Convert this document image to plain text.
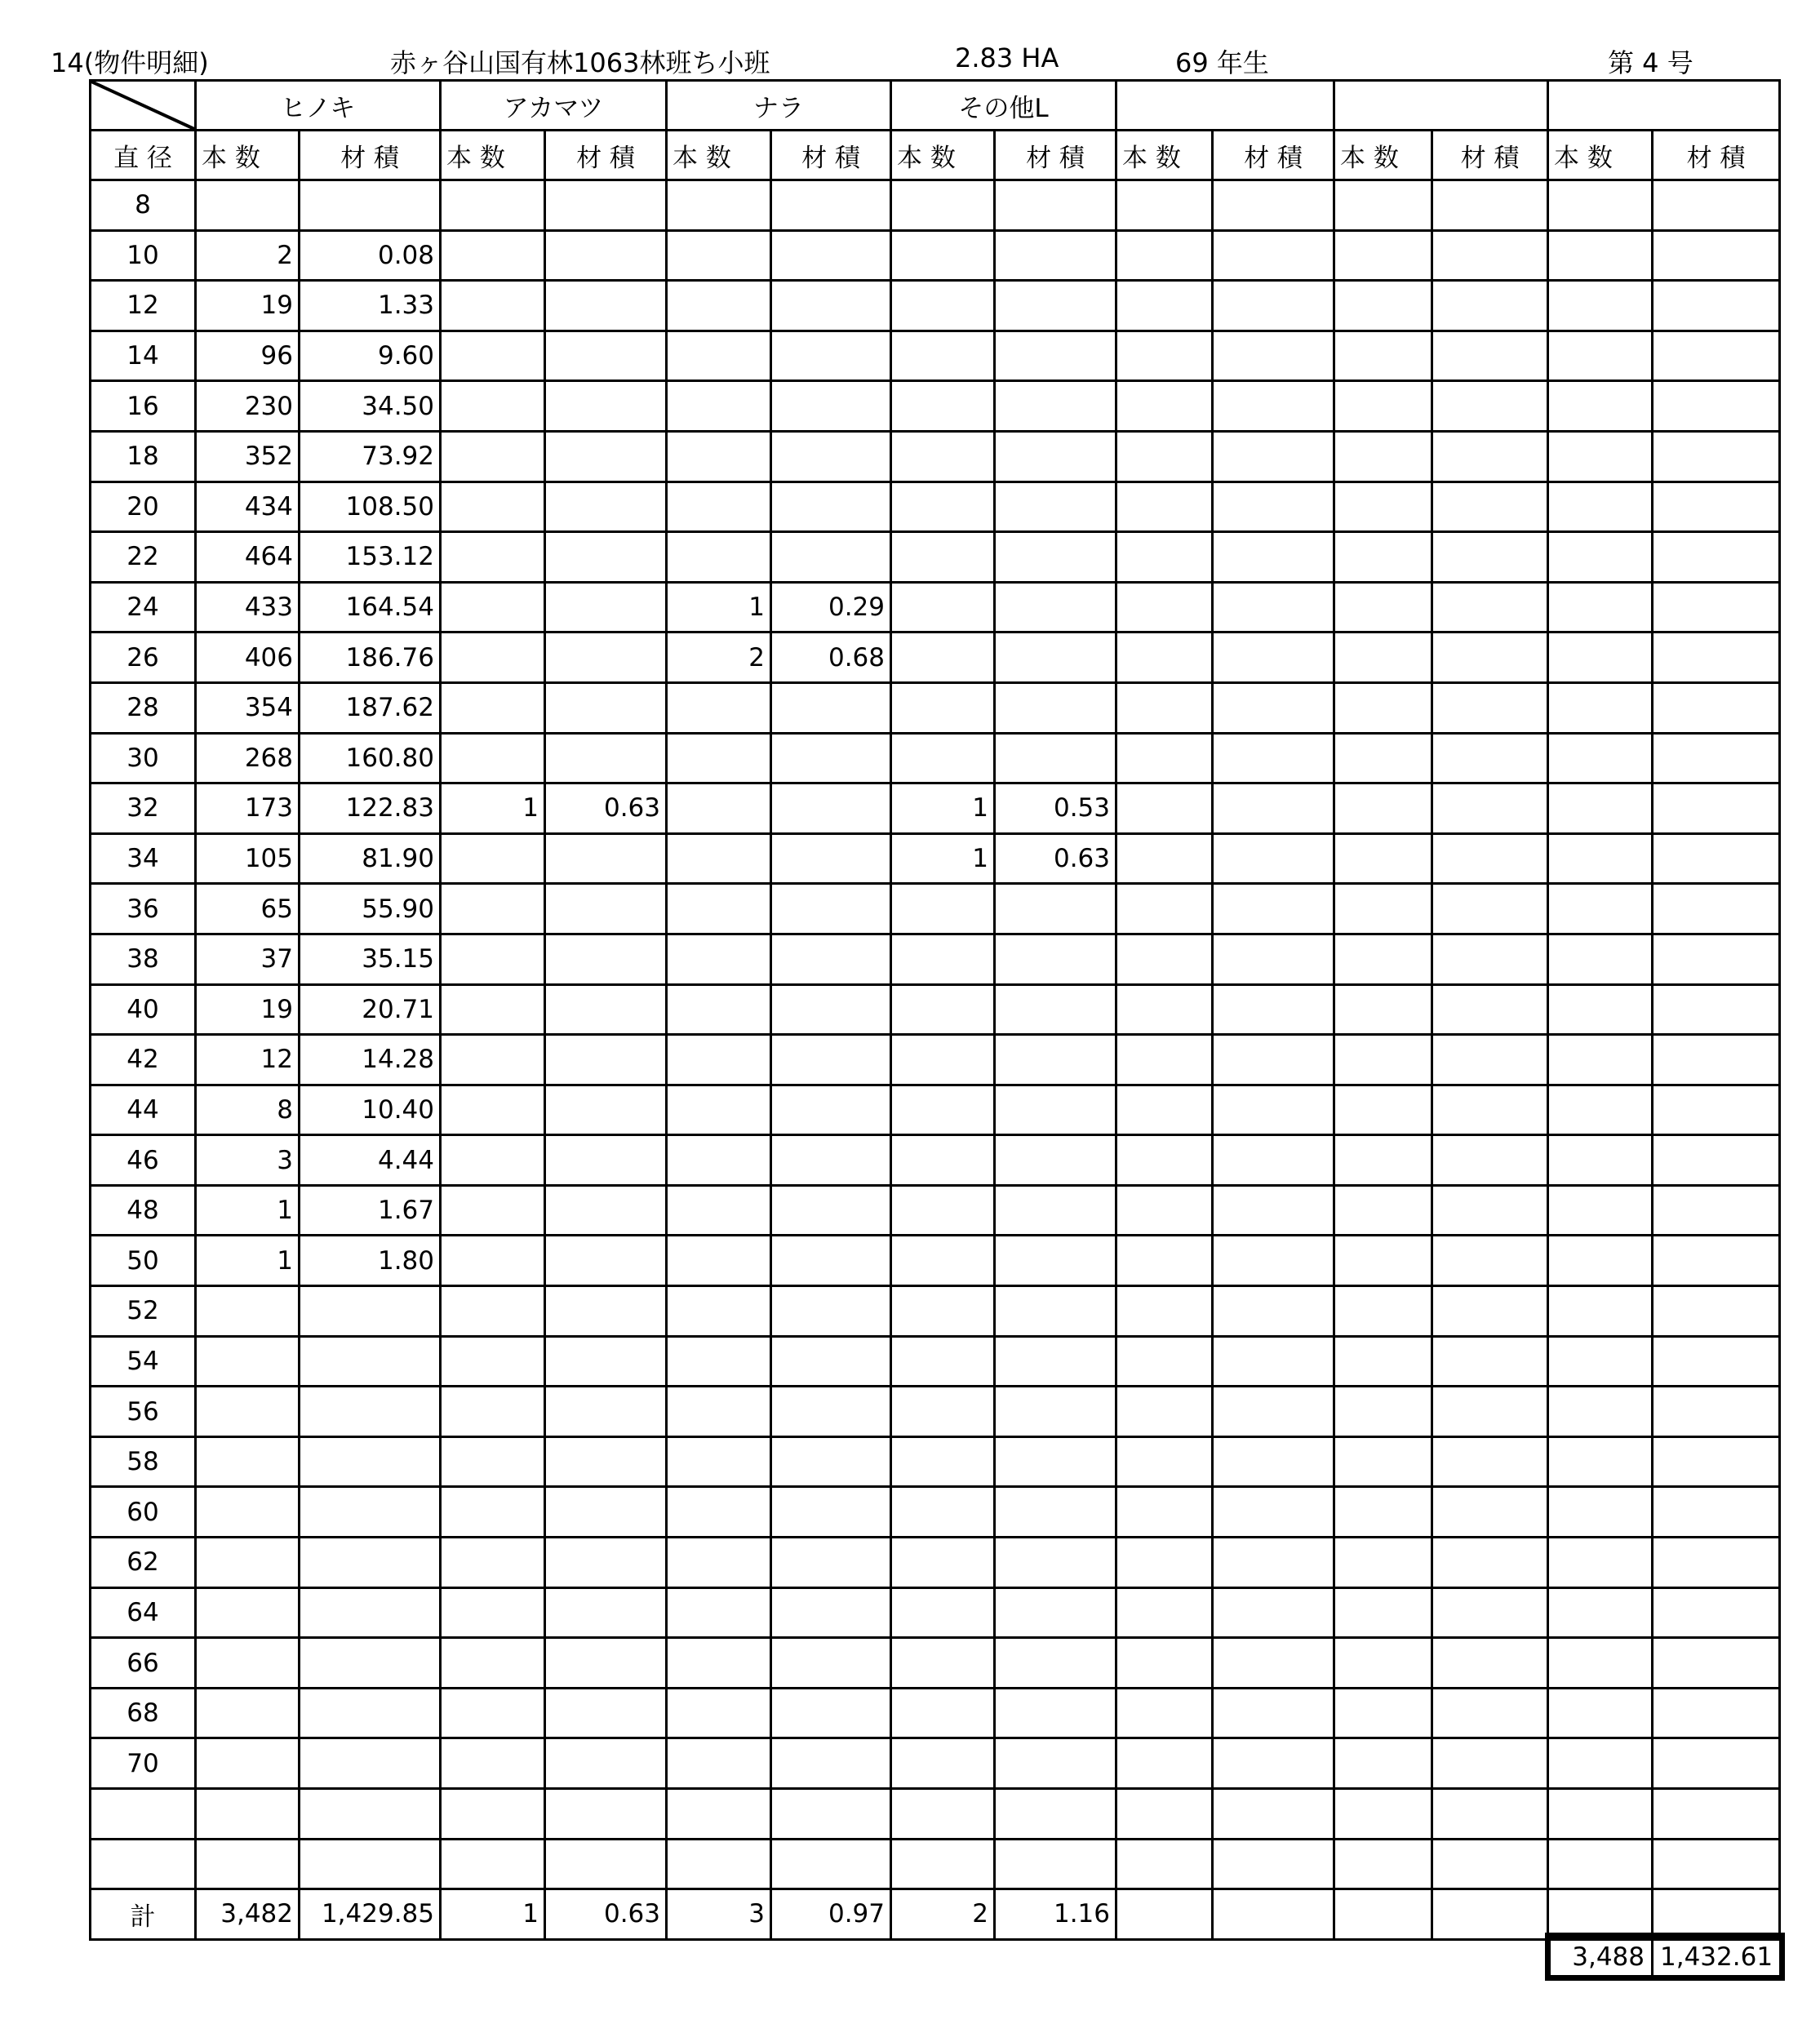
14(物件明細)	赤ヶ谷山国有林1063林班ち小班	2.83 HA	69 年生	第 4 号
	ヒノキ		アカマツ		ナラ		その他L							
直 径	本 数	材 積	本 数	材 積	本 数	材 積	本 数	材 積	本 数	材 積	本 数	材 積	本 数	材 積
8														
10	2	0.08												
12	19	1.33												
14	96	9.60												
16	230	34.50												
18	352	73.92												
20	434	108.50												
22	464	153.12												
24	433	164.54			1	0.29								
26	406	186.76			2	0.68								
28	354	187.62												
30	268	160.80												
32	173	122.83	1	0.63			1	0.53						
34	105	81.90					1	0.63						
36	65	55.90												
38	37	35.15												
40	19	20.71												
42	12	14.28												
44	8	10.40												
46	3	4.44												
48	1	1.67												
50	1	1.80												
52														
54														
56														
58														
60														
62														
64														
66														
68														
70														

計	3,482	1,429.85	1	0.63	3	0.97	2	1.16						
3,488	1,432.61
